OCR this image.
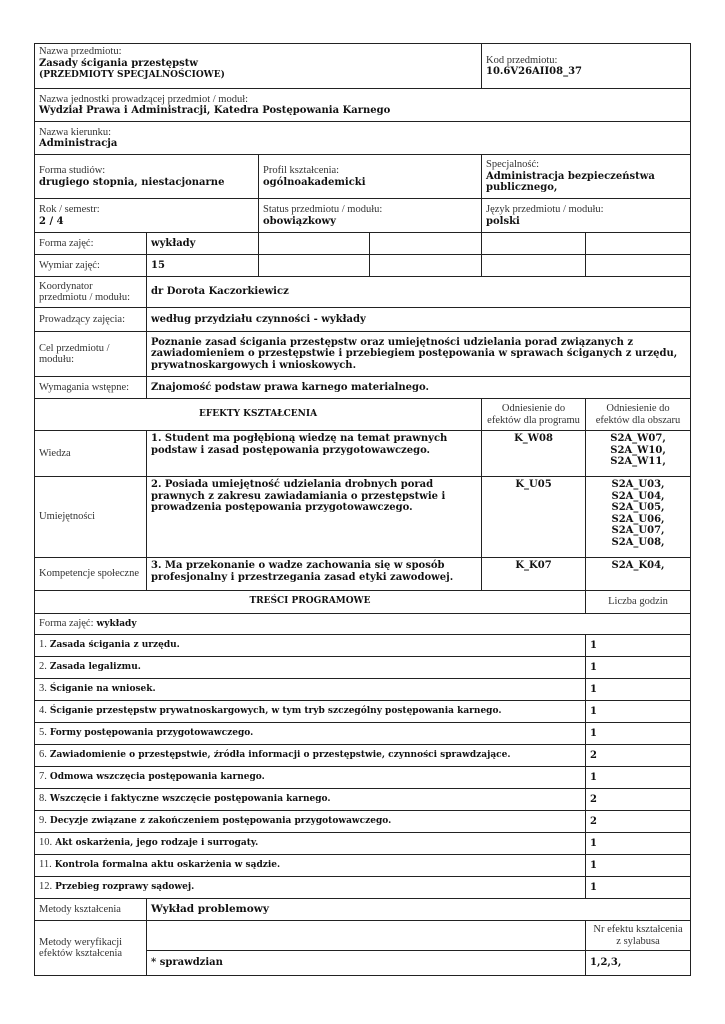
Nazwa przedmiotu:
Zasady ścigania przestępstw
(PRZEDMIOTY SPECJALNOŚCIOWE)				Kod przedmiotu:
10.6V26AII08_37	

Nazwa jednostki prowadzącej przedmiot / moduł:
Wydział Prawa i Administracji, Katedra Postępowania Karnego					

Nazwa kierunku:
Administracja					

Forma studiów:
drugiego stopnia, niestacjonarne		Profil kształcenia:
ogólnoakademicki		Specjalność:
Administracja bezpieczeństwa publicznego,	

Rok / semestr:
2 / 4		Status przedmiotu / modułu:
obowiązkowy		Język przedmiotu / modułu:
polski	

Forma zajęć:	wykłady				
Wymiar zajęć:	15				
Koordynator przedmiotu / modułu:	dr Dorota Kaczorkiewicz				
Prowadzący zajęcia:	według przydziału czynności - wykłady				
Cel przedmiotu / modułu:	Poznanie zasad ścigania przestępstw oraz umiejętności udzielania porad związanych z zawiadomieniem o przestępstwie i przebiegiem postępowania w sprawach ściganych z urzędu, prywatnoskargowych i wnioskowych.				
Wymagania wstępne:	Znajomość podstaw prawa karnego materialnego.				
EFEKTY KSZTAŁCENIA				Odniesienie do efektów dla programu	Odniesienie do efektów dla obszaru
Wiedza	1. Student ma pogłębioną wiedzę na temat prawnych podstaw i zasad postępowania przygotowawczego.			K_W08	S2A_W07, S2A_W10, S2A_W11,
Umiejętności	2. Posiada umiejętność udzielania drobnych porad prawnych z zakresu zawiadamiania o przestępstwie i prowadzenia postępowania przygotowawczego.			K_U05	S2A_U03, S2A_U04, S2A_U05, S2A_U06, S2A_U07, S2A_U08,
Kompetencje społeczne	3. Ma przekonanie o wadze zachowania się w sposób profesjonalny i przestrzegania zasad etyki zawodowej.			K_K07	S2A_K04,
TREŚCI PROGRAMOWE					Liczba godzin
Forma zajęć: wykłady					
1. Zasada ścigania z urzędu.					1
2. Zasada legalizmu.					1
3. Ściganie na wniosek.					1
4. Ściganie przestępstw prywatnoskargowych, w tym tryb szczególny postępowania karnego.					1
5. Formy postępowania przygotowawczego.					1
6. Zawiadomienie o przestępstwie, źródła informacji o przestępstwie, czynności sprawdzające.					2
7. Odmowa wszczęcia postępowania karnego.					1
8. Wszczęcie i faktyczne wszczęcie postępowania karnego.					2
9. Decyzje związane z zakończeniem postępowania przygotowawczego.					2
10. Akt oskarżenia, jego rodzaje i surrogaty.					1
11. Kontrola formalna aktu oskarżenia w sądzie.					1
12. Przebieg rozprawy sądowej.					1
Metody kształcenia	Wykład problemowy				
Metody weryfikacji efektów kształcenia					Nr efektu kształcenia z sylabusa
	* sprawdzian				1,2,3,
